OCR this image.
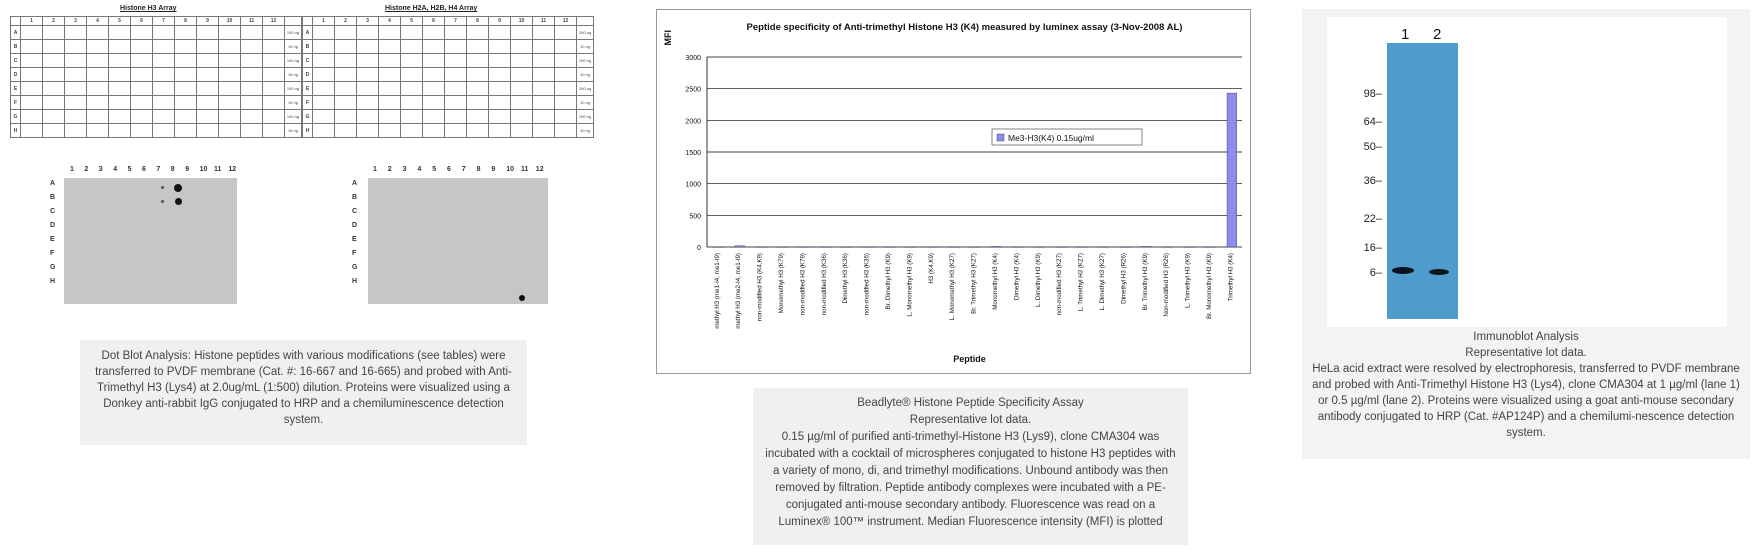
Histone H3 Array	Histone H2A, H2B, H4 Array
	1	2	3	4	5	6	7	8	9	10	11	12	
A													100 ng
B													10 ng
C													100 ng
D													10 ng
E													100 ng
F													10 ng
G													100 ng
H													10 ng
	1	2	3	4	5	6	7	8	9	10	11	12	
A													100 ng
B													10 ng
C													100 ng
D													10 ng
E													100 ng
F													10 ng
G													100 ng
H													10 ng
1 2 3 4 5 6 7 8 9 10 11 12
A
B
C
D
E
F
G
H
1 2 3 4 5 6 7 8 9 10 11 12
A
B
C
D
E
F
G
H
Dot Blot Analysis: Histone peptides with various modifications (see tables) were transferred to PVDF membrane (Cat. #: 16-667 and 16-665) and probed with Anti-Trimethyl H3 (Lys4) at 2.0ug/mL (1:500) dilution. Proteins were visualized using a Donkey anti-rabbit IgG conjugated to HRP and a chemiluminescence detection system.
Peptide specificity of Anti-trimethyl Histone H3 (K4) measured by luminex assay (3-Nov-2008 AL)
MFI
0
500
1000
1500
2000
2500
3000
methyl H3 (me1-I4, me1-I9) methyl H3 (me2-I4, me1-I9) non-modified H3 (K4,K9) Monomethyl H3 (K79) non-modified H3 (K79) non-modified H3 (K36) Dimethyl H3 (K36) non-modified H3 (K36) Br. Dimethyl H3 (K9) L. Monomethyl H3 (K9) H3 (K4,K9) L. Monomethyl H3 (K27) Br. Trimethyl H3 (K27) Monomethyl H3 (K4) Dimethyl H3 (K4) L. Dimethyl H3 (K9) non-modified H3 (K27) L. Trimethyl H3 (K27) L. Dimethyl H3 (K27) Dimethyl H3 (R26) Br. Trimethyl H3 (K9) Non-modified H3 (R26) L. Trimethyl H3 (K9) Br. Monomethyl H3 (K9) Trimethyl H3 (K4)
Peptide
Me3-H3(K4) 0.15ug/ml
Beadlyte® Histone Peptide Specificity Assay
Representative lot data.
0.15 µg/ml of purified anti-trimethyl-Histone H3 (Lys9), clone CMA304 was incubated with a cocktail of microspheres conjugated to histone H3 peptides with a variety of mono, di, and trimethyl modifications. Unbound antibody was then removed by filtration. Peptide antibody complexes were incubated with a PE-conjugated anti-mouse secondary antibody. Fluorescence was read on a Luminex® 100™ instrument. Median Fluorescence intensity (MFI) is plotted
1 2
98–
64–
50–
36–
22–
16–
6–
Immunoblot Analysis
Representative lot data.
HeLa acid extract were resolved by electrophoresis, transferred to PVDF membrane and probed with Anti-Trimethyl Histone H3 (Lys4), clone CMA304 at 1 µg/ml (lane 1) or 0.5 µg/ml (lane 2). Proteins were visualized using a goat anti-mouse secondary antibody conjugated to HRP (Cat. #AP124P) and a chemilumi-nescence detection system.
